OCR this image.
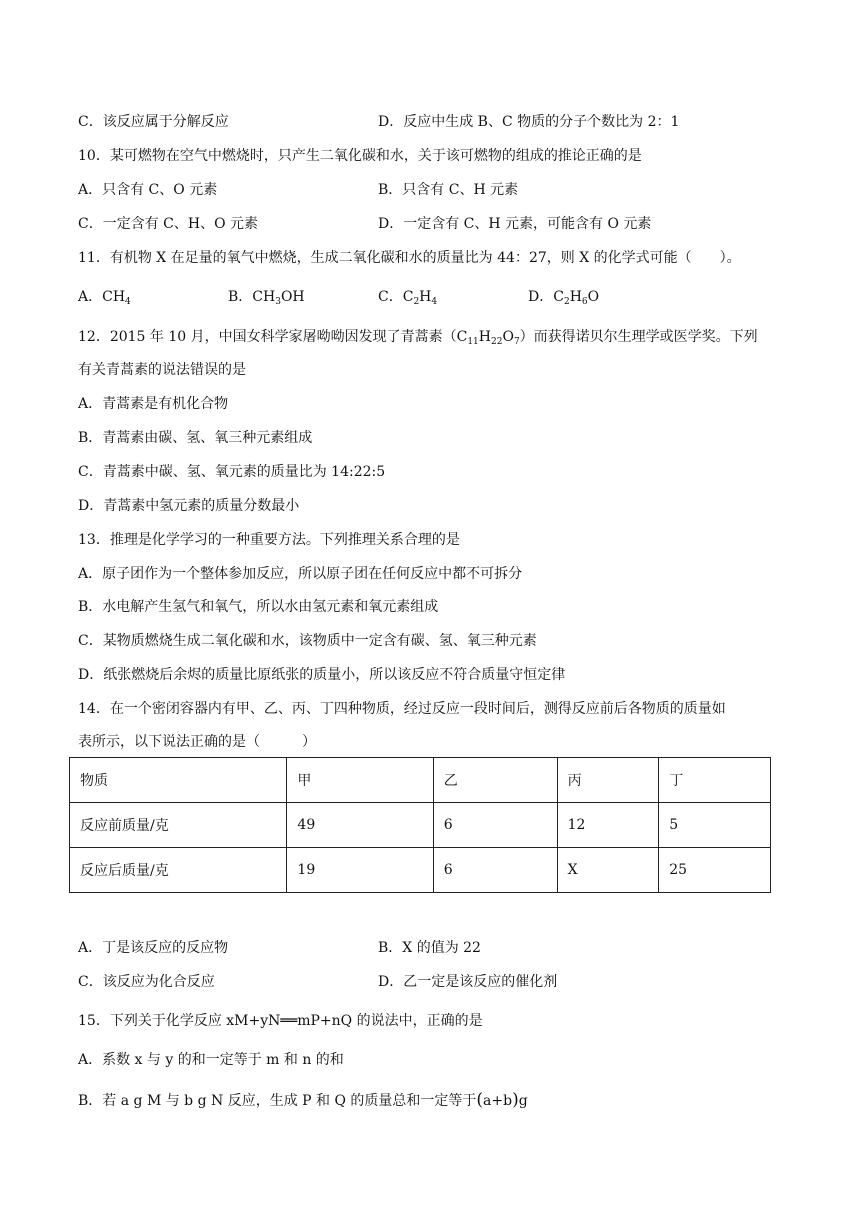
C．该反应属于分解反应	D．反应中生成 B、C 物质的分子个数比为 2：1
10．某可燃物在空气中燃烧时，只产生二氧化碳和水，关于该可燃物的组成的推论正确的是
A．只含有 C、O 元素	B．只含有 C、H 元素
C．一定含有 C、H、O 元素	D．一定含有 C、H 元素，可能含有 O 元素
11．有机物 X 在足量的氧气中燃烧，生成二氧化碳和水的质量比为 44：27，则 X 的化学式可能（　　）。
A．$CH_4$	B．$CH_3OH$	C．$C_2H_4$	D．$C_2H_6O$
12．2015 年 10 月，中国女科学家屠呦呦因发现了青蒿素$(C_{11}H_{22}O_7)$而获得诺贝尔生理学或医学奖。下列
有关青蒿素的说法错误的是
A．青蒿素是有机化合物
B．青蒿素由碳、氢、氧三种元素组成
C．青蒿素中碳、氢、氧元素的质量比为 14:22:5
D．青蒿素中氢元素的质量分数最小
13．推理是化学学习的一种重要方法。下列推理关系合理的是
A．原子团作为一个整体参加反应，所以原子团在任何反应中都不可拆分
B．水电解产生氢气和氧气，所以水由氢元素和氧元素组成
C．某物质燃烧生成二氧化碳和水，该物质中一定含有碳、氢、氧三种元素
D．纸张燃烧后余烬的质量比原纸张的质量小，所以该反应不符合质量守恒定律
14．在一个密闭容器内有甲、乙、丙、丁四种物质，经过反应一段时间后，测得反应前后各物质的质量如
表所示，以下说法正确的是（　　　）
物质	甲	乙	丙	丁
反应前质量/克	49	6	12	5
反应后质量/克	19	6	X	25
A．丁是该反应的反应物	B．X 的值为 22
C．该反应为化合反应	D．乙一定是该反应的催化剂
15．下列关于化学反应 xM+yN══mP+nQ 的说法中，正确的是
A．系数 x 与 y 的和一定等于 m 和 n 的和
B．若 a g M 与 b g N 反应，生成 P 和 Q 的质量总和一定等于(a+b)g
